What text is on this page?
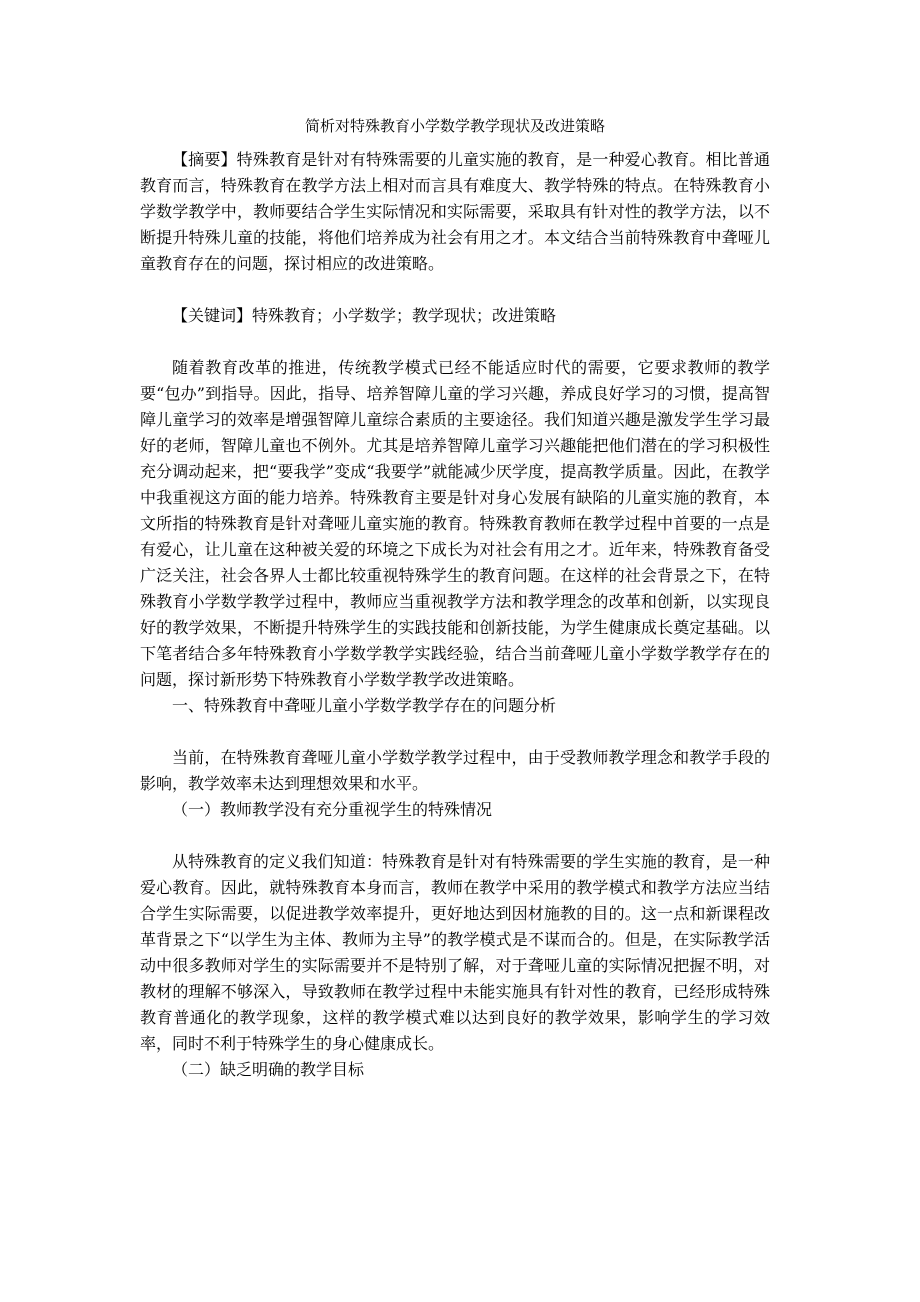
简析对特殊教育小学数学教学现状及改进策略

【摘要】特殊教育是针对有特殊需要的儿童实施的教育，是一种爱心教育。相比普通教育而言，特殊教育在教学方法上相对而言具有难度大、教学特殊的特点。在特殊教育小学数学教学中，教师要结合学生实际情况和实际需要，采取具有针对性的教学方法，以不断提升特殊儿童的技能，将他们培养成为社会有用之才。本文结合当前特殊教育中聋哑儿童教育存在的问题，探讨相应的改进策略。

【关键词】特殊教育；小学数学；教学现状；改进策略

随着教育改革的推进，传统教学模式已经不能适应时代的需要，它要求教师的教学要“包办”到指导。因此，指导、培养智障儿童的学习兴趣，养成良好学习的习惯，提高智障儿童学习的效率是增强智障儿童综合素质的主要途径。我们知道兴趣是激发学生学习最好的老师，智障儿童也不例外。尤其是培养智障儿童学习兴趣能把他们潜在的学习积极性充分调动起来，把“要我学”变成“我要学”就能减少厌学度，提高教学质量。因此，在教学中我重视这方面的能力培养。特殊教育主要是针对身心发展有缺陷的儿童实施的教育，本文所指的特殊教育是针对聋哑儿童实施的教育。特殊教育教师在教学过程中首要的一点是有爱心，让儿童在这种被关爱的环境之下成长为对社会有用之才。近年来，特殊教育备受广泛关注，社会各界人士都比较重视特殊学生的教育问题。在这样的社会背景之下，在特殊教育小学数学教学过程中，教师应当重视教学方法和教学理念的改革和创新，以实现良好的教学效果，不断提升特殊学生的实践技能和创新技能，为学生健康成长奠定基础。以下笔者结合多年特殊教育小学数学教学实践经验，结合当前聋哑儿童小学数学教学存在的问题，探讨新形势下特殊教育小学数学教学改进策略。

一、特殊教育中聋哑儿童小学数学教学存在的问题分析

当前，在特殊教育聋哑儿童小学数学教学过程中，由于受教师教学理念和教学手段的影响，教学效率未达到理想效果和水平。

（一）教师教学没有充分重视学生的特殊情况

从特殊教育的定义我们知道：特殊教育是针对有特殊需要的学生实施的教育，是一种爱心教育。因此，就特殊教育本身而言，教师在教学中采用的教学模式和教学方法应当结合学生实际需要，以促进教学效率提升，更好地达到因材施教的目的。这一点和新课程改革背景之下“以学生为主体、教师为主导”的教学模式是不谋而合的。但是，在实际教学活动中很多教师对学生的实际需要并不是特别了解，对于聋哑儿童的实际情况把握不明，对教材的理解不够深入，导致教师在教学过程中未能实施具有针对性的教育，已经形成特殊教育普通化的教学现象，这样的教学模式难以达到良好的教学效果，影响学生的学习效率，同时不利于特殊学生的身心健康成长。

（二）缺乏明确的教学目标
